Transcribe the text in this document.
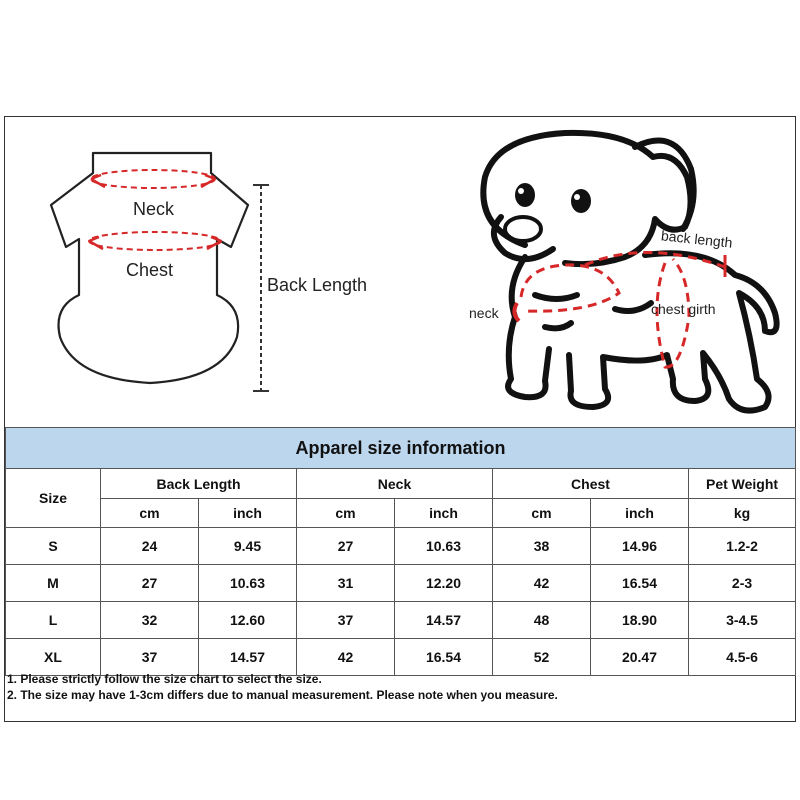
Neck
Chest
Back Length
back length
neck	chest girth
Apparel size information							
Size	Back Length		Neck		Chest		Pet Weight
	cm	inch	cm	inch	cm	inch	kg
S	24	9.45	27	10.63	38	14.96	1.2-2
M	27	10.63	31	12.20	42	16.54	2-3
L	32	12.60	37	14.57	48	18.90	3-4.5
XL	37	14.57	42	16.54	52	20.47	4.5-6
1. Please strictly follow the size chart to select the size.
2. The size may have 1-3cm differs due to manual measurement. Please note when you measure.
